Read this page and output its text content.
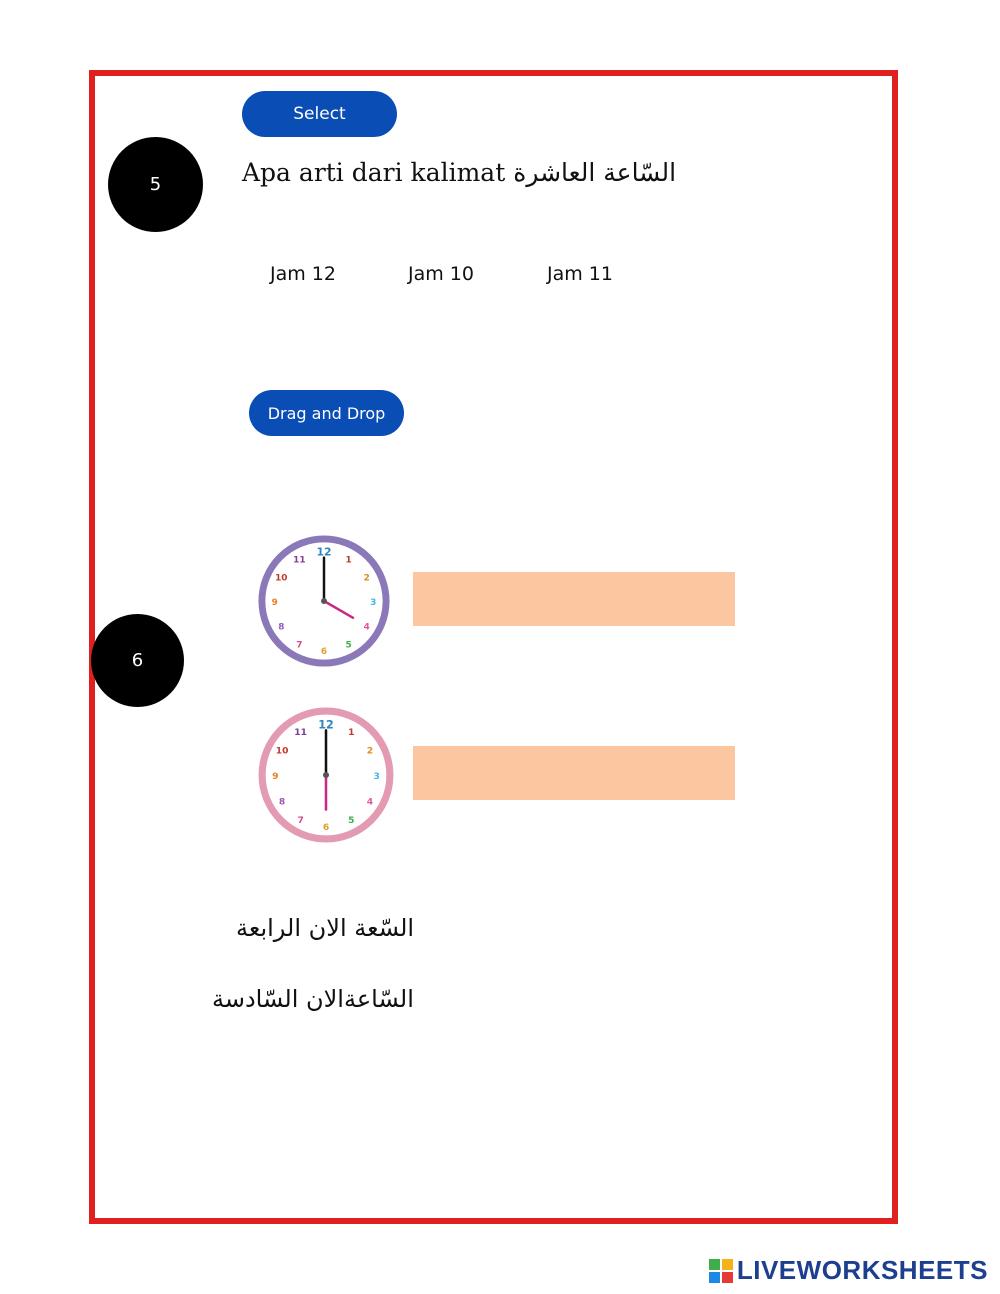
Select
5	Apa arti dari kalimat السّاعة العاشرة
Jam 12	Jam 10	Jam 11
Drag and Drop
6
1
2
3
4
5
6
7
8
9
10
11
12
1
2
3
4
5
6
7
8
9
10
11
12
السّعة الان الرابعة
السّاعةالان السّادسة
LIVEWORKSHEETS
